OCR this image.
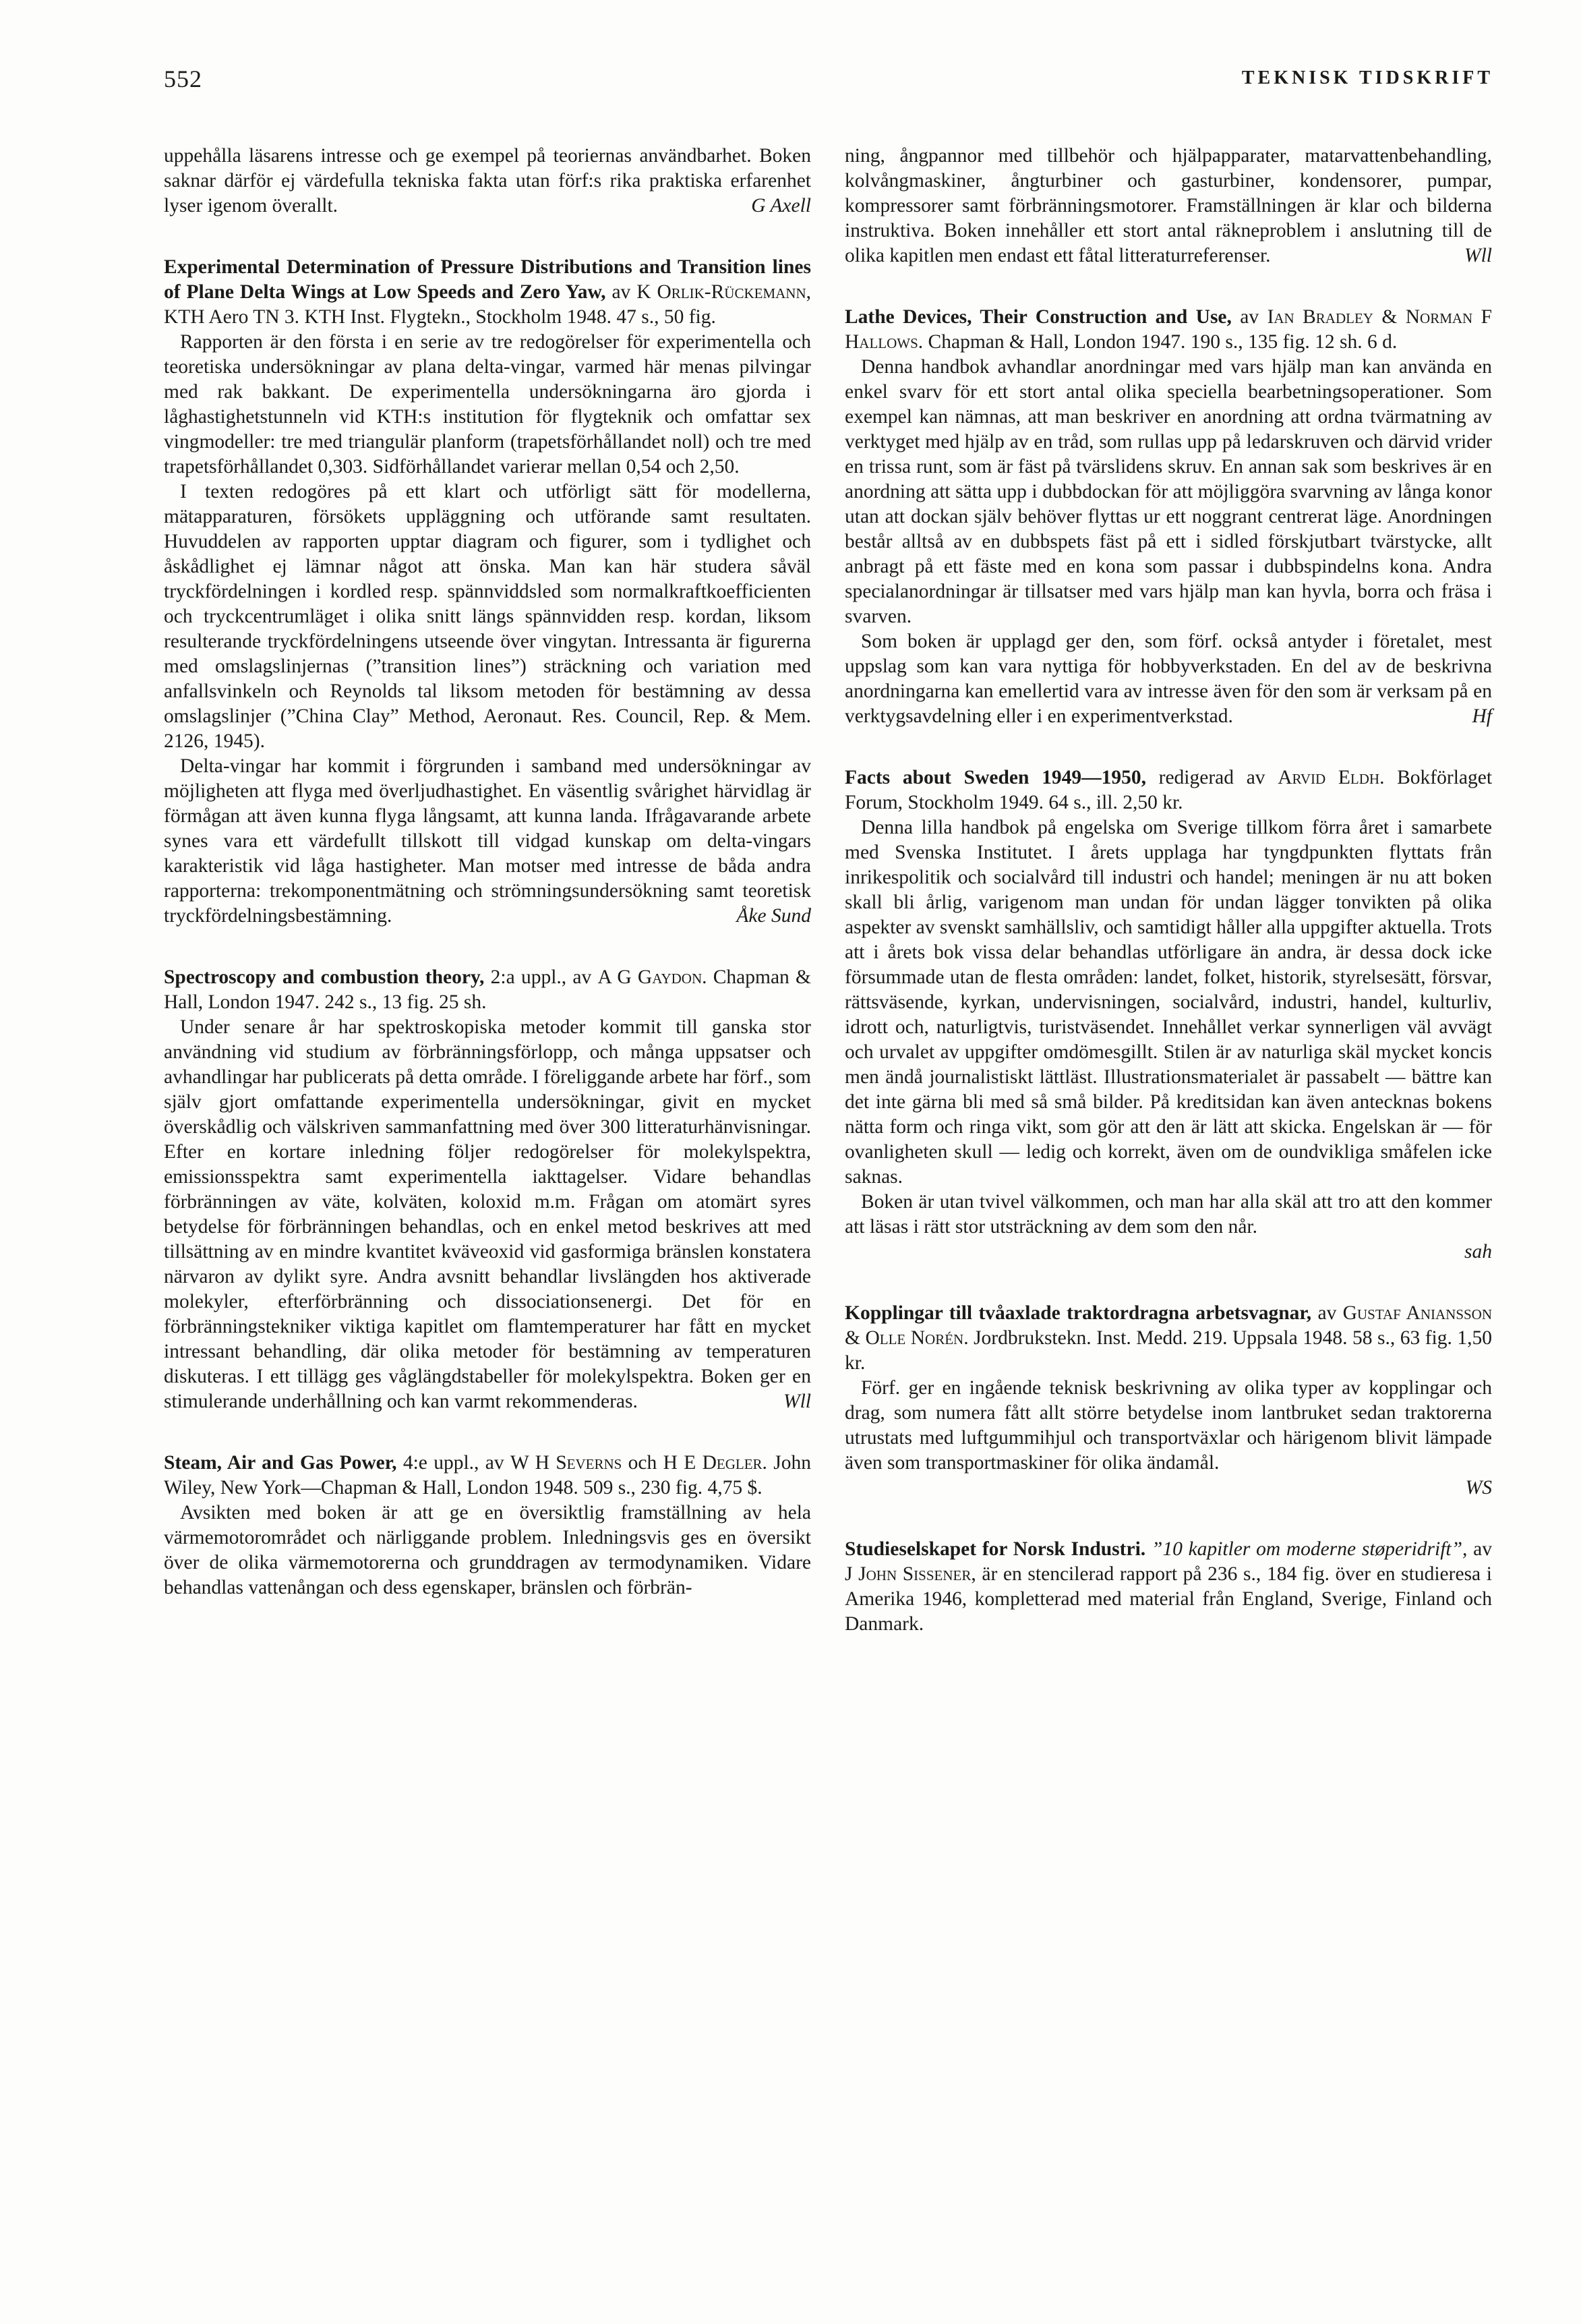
552	TEKNISK TIDSKRIFT

uppehålla läsarens intresse och ge exempel på teoriernas användbarhet. Boken saknar därför ej värdefulla tekniska fakta utan förf:s rika praktiska erfarenhet lyser igenom överallt.	G Axell

Experimental Determination of Pressure Distributions and Transition lines of Plane Delta Wings at Low Speeds and Zero Yaw, av K Orlik-Rückemann, KTH Aero TN 3. KTH Inst. Flygtekn., Stockholm 1948. 47 s., 50 fig.

Rapporten är den första i en serie av tre redogörelser för experimentella och teoretiska undersökningar av plana delta-vingar, varmed här menas pilvingar med rak bakkant. De experimentella undersökningarna äro gjorda i låghastighetstunneln vid KTH:s institution för flygteknik och omfattar sex vingmodeller: tre med triangulär planform (trapetsförhållandet noll) och tre med trapetsförhållandet 0,303. Sidförhållandet varierar mellan 0,54 och 2,50.

I texten redogöres på ett klart och utförligt sätt för modellerna, mätapparaturen, försökets uppläggning och utförande samt resultaten. Huvuddelen av rapporten upptar diagram och figurer, som i tydlighet och åskådlighet ej lämnar något att önska. Man kan här studera såväl tryckfördelningen i kordled resp. spännviddsled som normalkraftkoefficienten och tryckcentrumläget i olika snitt längs spännvidden resp. kordan, liksom resulterande tryckfördelningens utseende över vingytan. Intressanta är figurerna med omslagslinjernas (”transition lines”) sträckning och variation med anfallsvinkeln och Reynolds tal liksom metoden för bestämning av dessa omslagslinjer (”China Clay” Method, Aeronaut. Res. Council, Rep. & Mem. 2126, 1945).

Delta-vingar har kommit i förgrunden i samband med undersökningar av möjligheten att flyga med överljudhastighet. En väsentlig svårighet härvidlag är förmågan att även kunna flyga långsamt, att kunna landa. Ifrågavarande arbete synes vara ett värdefullt tillskott till vidgad kunskap om delta-vingars karakteristik vid låga hastigheter. Man motser med intresse de båda andra rapporterna: trekomponentmätning och strömningsundersökning samt teoretisk tryckfördelningsbestämning.	Åke Sund

Spectroscopy and combustion theory, 2:a uppl., av A G Gaydon. Chapman & Hall, London 1947. 242 s., 13 fig. 25 sh.

Under senare år har spektroskopiska metoder kommit till ganska stor användning vid studium av förbränningsförlopp, och många uppsatser och avhandlingar har publicerats på detta område. I föreliggande arbete har förf., som själv gjort omfattande experimentella undersökningar, givit en mycket överskådlig och välskriven sammanfattning med över 300 litteraturhänvisningar. Efter en kortare inledning följer redogörelser för molekylspektra, emissionsspektra samt experimentella iakttagelser. Vidare behandlas förbränningen av väte, kolväten, koloxid m.m. Frågan om atomärt syres betydelse för förbränningen behandlas, och en enkel metod beskrives att med tillsättning av en mindre kvantitet kväveoxid vid gasformiga bränslen konstatera närvaron av dylikt syre. Andra avsnitt behandlar livslängden hos aktiverade molekyler, efterförbränning och dissociationsenergi. Det för en förbränningstekniker viktiga kapitlet om flamtemperaturer har fått en mycket intressant behandling, där olika metoder för bestämning av temperaturen diskuteras. I ett tillägg ges våglängdstabeller för molekylspektra. Boken ger en stimulerande underhållning och kan varmt rekommenderas.	Wll

Steam, Air and Gas Power, 4:e uppl., av W H Severns och H E Degler. John Wiley, New York—Chapman & Hall, London 1948. 509 s., 230 fig. 4,75 $.

Avsikten med boken är att ge en översiktlig framställning av hela värmemotorområdet och närliggande problem. Inledningsvis ges en översikt över de olika värmemotorerna och grunddragen av termodynamiken. Vidare behandlas vattenångan och dess egenskaper, bränslen och förbrän-

ning, ångpannor med tillbehör och hjälpapparater, matarvattenbehandling, kolvångmaskiner, ångturbiner och gasturbiner, kondensorer, pumpar, kompressorer samt förbränningsmotorer. Framställningen är klar och bilderna instruktiva. Boken innehåller ett stort antal räkneproblem i anslutning till de olika kapitlen men endast ett fåtal litteraturreferenser.	Wll

Lathe Devices, Their Construction and Use, av Ian Bradley & Norman F Hallows. Chapman & Hall, London 1947. 190 s., 135 fig. 12 sh. 6 d.

Denna handbok avhandlar anordningar med vars hjälp man kan använda en enkel svarv för ett stort antal olika speciella bearbetningsoperationer. Som exempel kan nämnas, att man beskriver en anordning att ordna tvärmatning av verktyget med hjälp av en tråd, som rullas upp på ledarskruven och därvid vrider en trissa runt, som är fäst på tvärslidens skruv. En annan sak som beskrives är en anordning att sätta upp i dubbdockan för att möjliggöra svarvning av långa konor utan att dockan själv behöver flyttas ur ett noggrant centrerat läge. Anordningen består alltså av en dubbspets fäst på ett i sidled förskjutbart tvärstycke, allt anbragt på ett fäste med en kona som passar i dubbspindelns kona. Andra specialanordningar är tillsatser med vars hjälp man kan hyvla, borra och fräsa i svarven.

Som boken är upplagd ger den, som förf. också antyder i företalet, mest uppslag som kan vara nyttiga för hobbyverkstaden. En del av de beskrivna anordningarna kan emellertid vara av intresse även för den som är verksam på en verktygsavdelning eller i en experimentverkstad.	Hf

Facts about Sweden 1949—1950, redigerad av Arvid Eldh. Bokförlaget Forum, Stockholm 1949. 64 s., ill. 2,50 kr.

Denna lilla handbok på engelska om Sverige tillkom förra året i samarbete med Svenska Institutet. I årets upplaga har tyngdpunkten flyttats från inrikespolitik och socialvård till industri och handel; meningen är nu att boken skall bli årlig, varigenom man undan för undan lägger tonvikten på olika aspekter av svenskt samhällsliv, och samtidigt håller alla uppgifter aktuella. Trots att i årets bok vissa delar behandlas utförligare än andra, är dessa dock icke försummade utan de flesta områden: landet, folket, historik, styrelsesätt, försvar, rättsväsende, kyrkan, undervisningen, socialvård, industri, handel, kulturliv, idrott och, naturligtvis, turistväsendet. Innehållet verkar synnerligen väl avvägt och urvalet av uppgifter omdömesgillt. Stilen är av naturliga skäl mycket koncis men ändå journalistiskt lättläst. Illustrationsmaterialet är passabelt — bättre kan det inte gärna bli med så små bilder. På kreditsidan kan även antecknas bokens nätta form och ringa vikt, som gör att den är lätt att skicka. Engelskan är — för ovanligheten skull — ledig och korrekt, även om de oundvikliga småfelen icke saknas.

Boken är utan tvivel välkommen, och man har alla skäl att tro att den kommer att läsas i rätt stor utsträckning av dem som den når.

sah

Kopplingar till tvåaxlade traktordragna arbetsvagnar, av Gustaf Aniansson & Olle Norén. Jordbrukstekn. Inst. Medd. 219. Uppsala 1948. 58 s., 63 fig. 1,50 kr.

Förf. ger en ingående teknisk beskrivning av olika typer av kopplingar och drag, som numera fått allt större betydelse inom lantbruket sedan traktorerna utrustats med luftgummihjul och transportväxlar och härigenom blivit lämpade även som transportmaskiner för olika ändamål.

WS

Studieselskapet for Norsk Industri. ”10 kapitler om moderne støperidrift”, av J John Sissener, är en stencilerad rapport på 236 s., 184 fig. över en studieresa i Amerika 1946, kompletterad med material från England, Sverige, Finland och Danmark.
